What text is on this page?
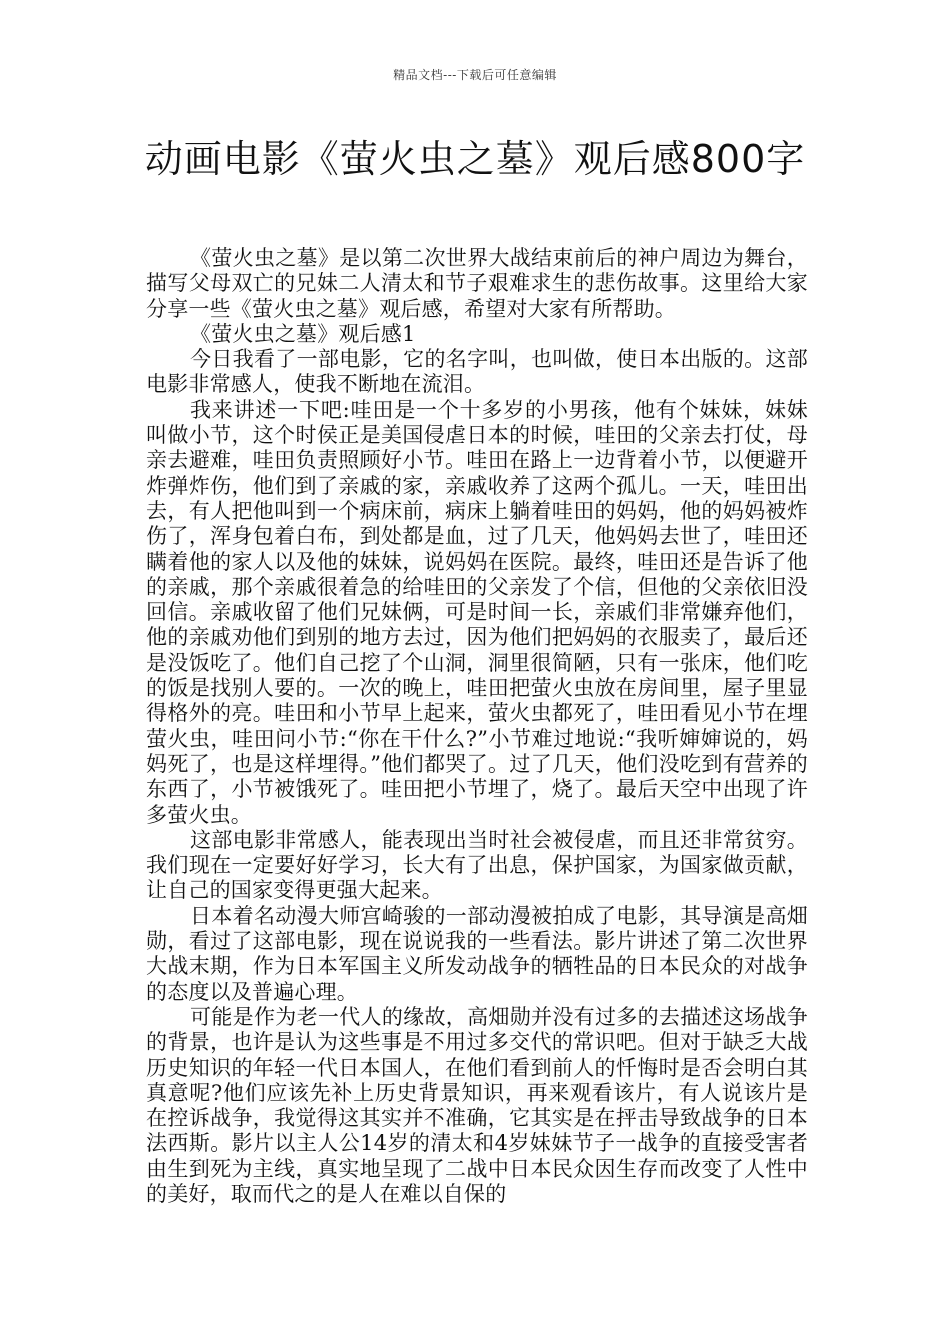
精品文档---下载后可任意编辑
动画电影《萤火虫之墓》观后感800字

《萤火虫之墓》是以第二次世界大战结束前后的神户周边为舞台，描写父母双亡的兄妹二人清太和节子艰难求生的悲伤故事。这里给大家分享一些《萤火虫之墓》观后感，希望对大家有所帮助。

《萤火虫之墓》观后感1

今日我看了一部电影，它的名字叫，也叫做，使日本出版的。这部电影非常感人，使我不断地在流泪。

我来讲述一下吧:哇田是一个十多岁的小男孩，他有个妹妹，妹妹叫做小节，这个时侯正是美国侵虐日本的时候，哇田的父亲去打仗，母亲去避难，哇田负责照顾好小节。哇田在路上一边背着小节，以便避开炸弹炸伤，他们到了亲戚的家，亲戚收养了这两个孤儿。一天，哇田出去，有人把他叫到一个病床前，病床上躺着哇田的妈妈，他的妈妈被炸伤了，浑身包着白布，到处都是血，过了几天，他妈妈去世了，哇田还瞒着他的家人以及他的妹妹，说妈妈在医院。最终，哇田还是告诉了他的亲戚，那个亲戚很着急的给哇田的父亲发了个信，但他的父亲依旧没回信。亲戚收留了他们兄妹俩，可是时间一长，亲戚们非常嫌弃他们，他的亲戚劝他们到别的地方去过，因为他们把妈妈的衣服卖了，最后还是没饭吃了。他们自己挖了个山洞，洞里很简陋，只有一张床，他们吃的饭是找别人要的。一次的晚上，哇田把萤火虫放在房间里，屋子里显得格外的亮。哇田和小节早上起来，萤火虫都死了，哇田看见小节在埋萤火虫，哇田问小节:“你在干什么?”小节难过地说:“我听婶婶说的，妈妈死了，也是这样埋得。”他们都哭了。过了几天，他们没吃到有营养的东西了，小节被饿死了。哇田把小节埋了，烧了。最后天空中出现了许多萤火虫。

这部电影非常感人，能表现出当时社会被侵虐，而且还非常贫穷。我们现在一定要好好学习，长大有了出息，保护国家，为国家做贡献，让自己的国家变得更强大起来。

日本着名动漫大师宫崎骏的一部动漫被拍成了电影，其导演是高畑勋，看过了这部电影，现在说说我的一些看法。影片讲述了第二次世界大战末期，作为日本军国主义所发动战争的牺牲品的日本民众的对战争的态度以及普遍心理。

可能是作为老一代人的缘故，高畑勋并没有过多的去描述这场战争的背景，也许是认为这些事是不用过多交代的常识吧。但对于缺乏大战历史知识的年轻一代日本国人，在他们看到前人的忏悔时是否会明白其真意呢?他们应该先补上历史背景知识，再来观看该片，有人说该片是在控诉战争，我觉得这其实并不准确，它其实是在抨击导致战争的日本法西斯。影片以主人公14岁的清太和4岁妹妹节子一战争的直接受害者由生到死为主线，真实地呈现了二战中日本民众因生存而改变了人性中的美好，取而代之的是人在难以自保的
